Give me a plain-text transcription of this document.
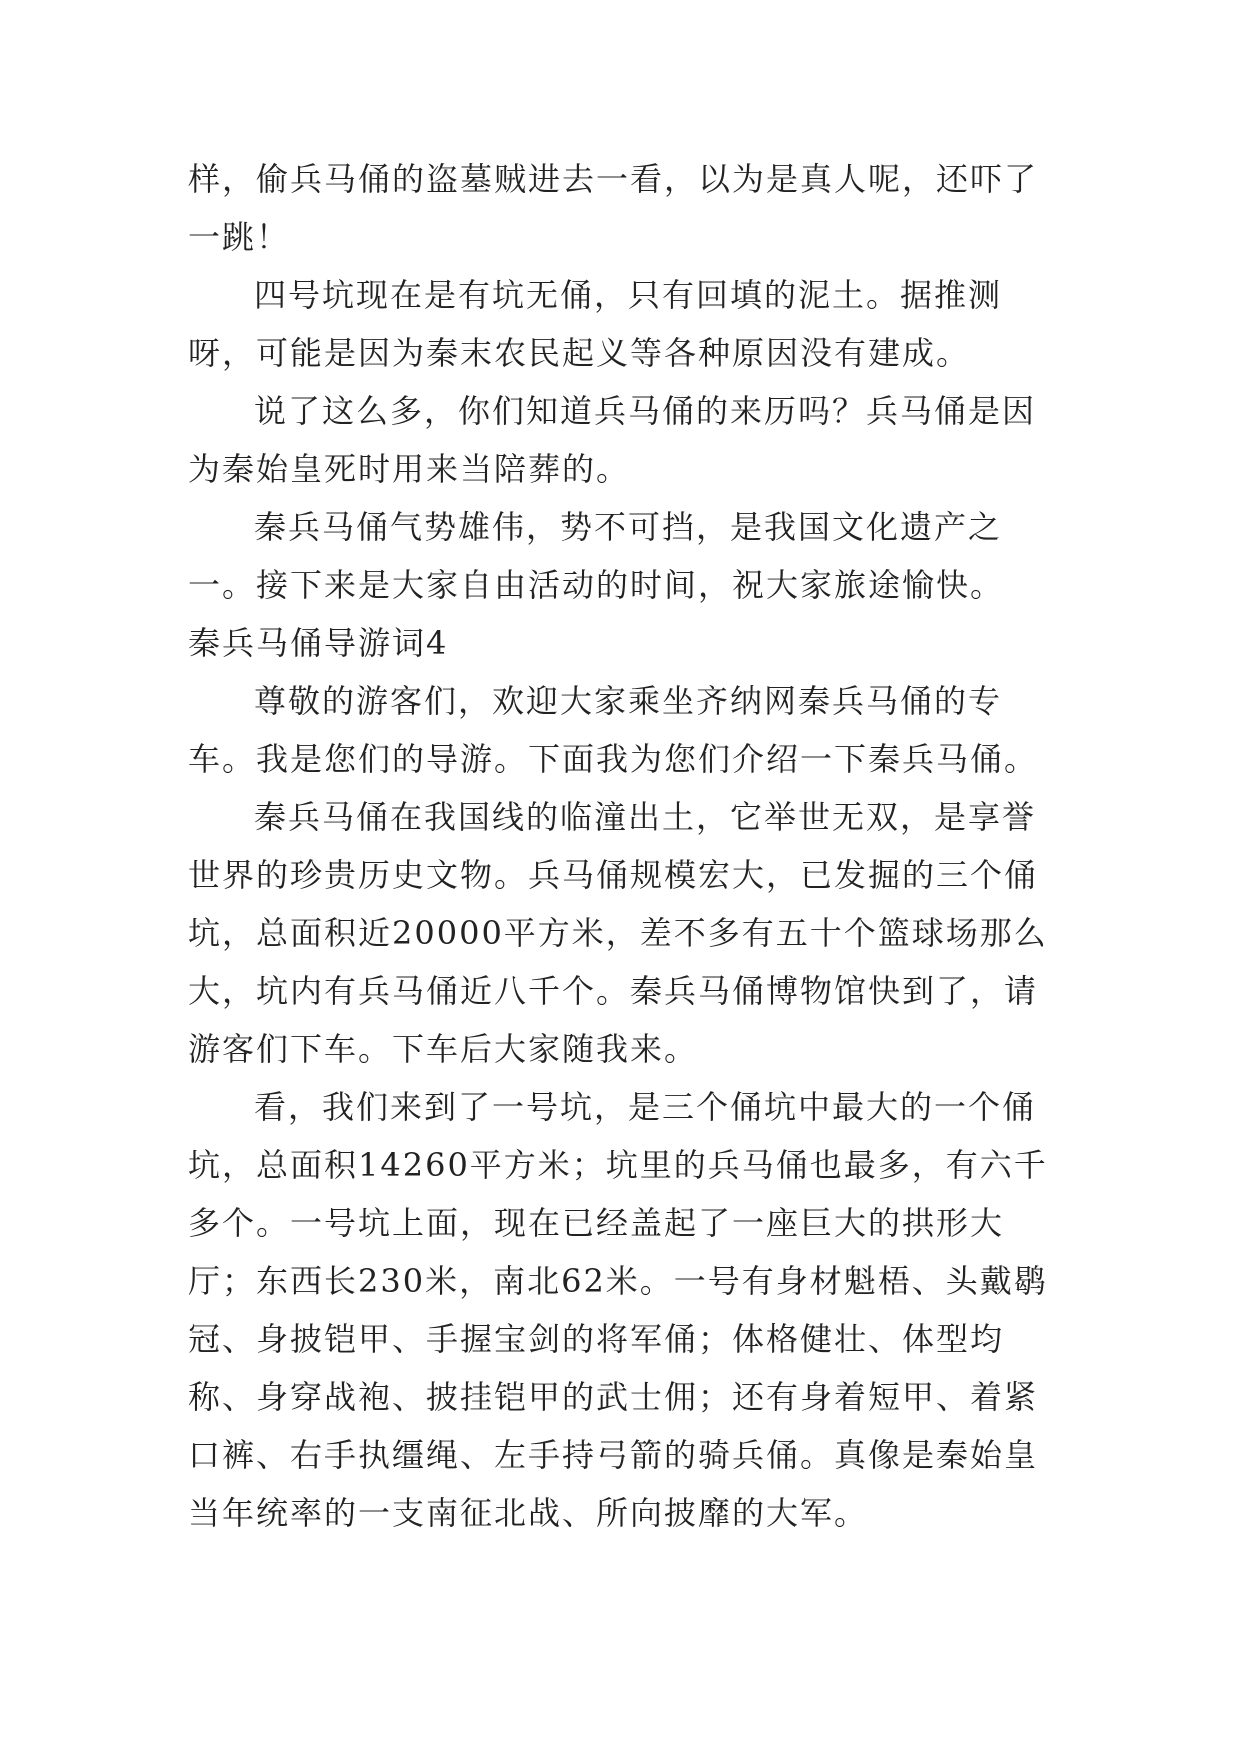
样，偷兵马俑的盗墓贼进去一看，以为是真人呢，还吓了一跳！

四号坑现在是有坑无俑，只有回填的泥土。据推测呀，可能是因为秦末农民起义等各种原因没有建成。

说了这么多，你们知道兵马俑的来历吗？兵马俑是因为秦始皇死时用来当陪葬的。

秦兵马俑气势雄伟，势不可挡，是我国文化遗产之一。接下来是大家自由活动的时间，祝大家旅途愉快。

秦兵马俑导游词4

尊敬的游客们，欢迎大家乘坐齐纳网秦兵马俑的专车。我是您们的导游。下面我为您们介绍一下秦兵马俑。

秦兵马俑在我国线的临潼出土，它举世无双，是享誉世界的珍贵历史文物。兵马俑规模宏大，已发掘的三个俑坑，总面积近20000平方米，差不多有五十个篮球场那么大，坑内有兵马俑近八千个。秦兵马俑博物馆快到了，请游客们下车。下车后大家随我来。

看，我们来到了一号坑，是三个俑坑中最大的一个俑坑，总面积14260平方米；坑里的兵马俑也最多，有六千多个。一号坑上面，现在已经盖起了一座巨大的拱形大厅；东西长230米，南北62米。一号有身材魁梧、头戴鹖冠、身披铠甲、手握宝剑的将军俑；体格健壮、体型均称、身穿战袍、披挂铠甲的武士佣；还有身着短甲、着紧口裤、右手执缰绳、左手持弓箭的骑兵俑。真像是秦始皇当年统率的一支南征北战、所向披靡的大军。
